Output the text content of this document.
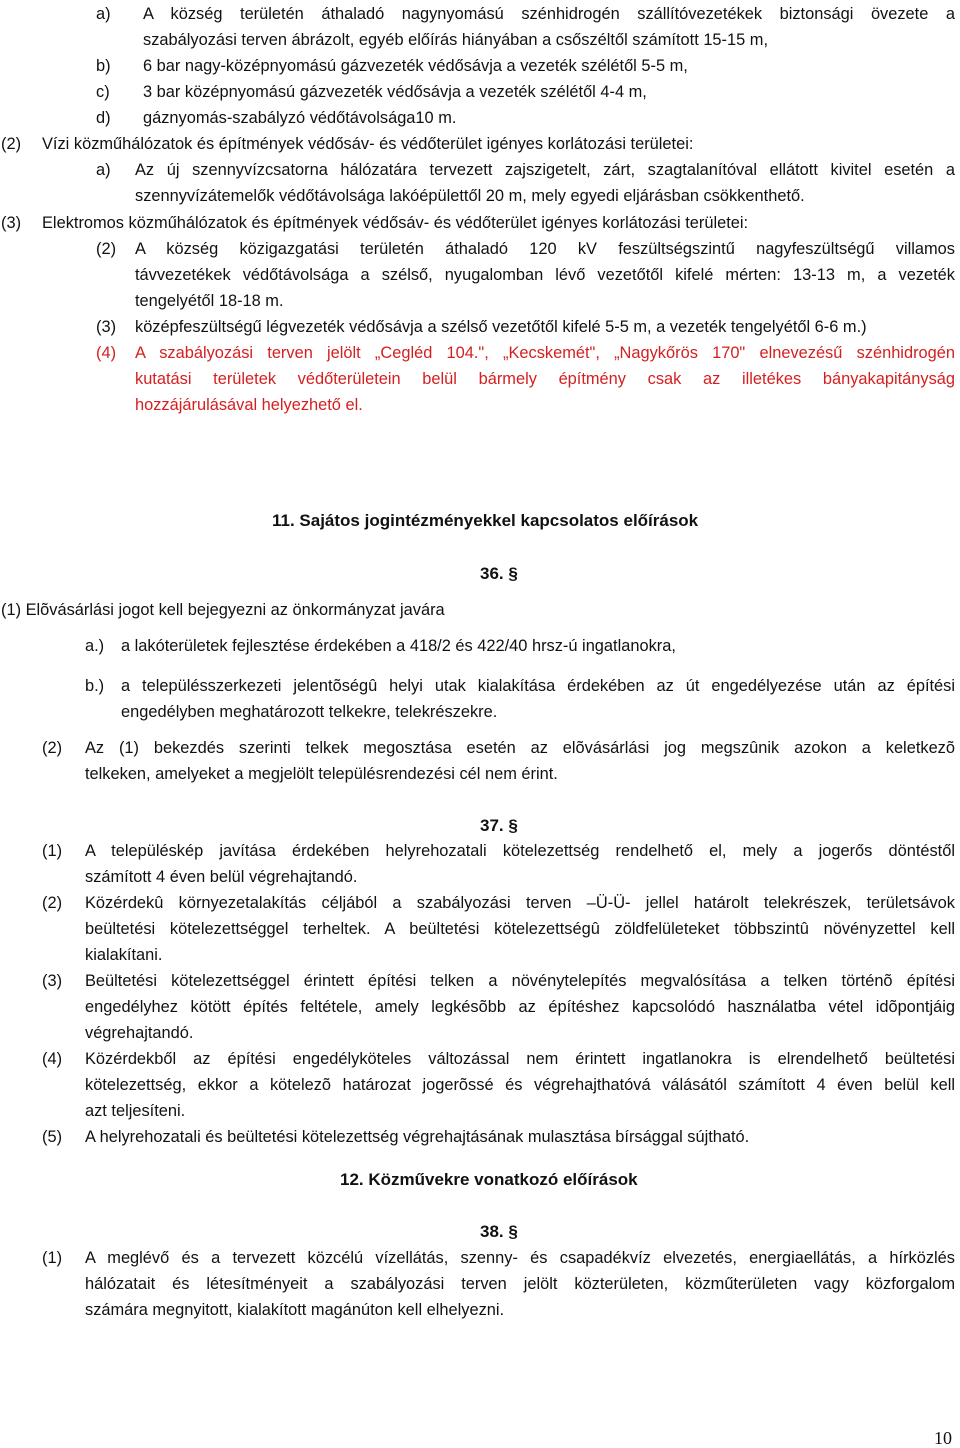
a) A község területén áthaladó nagynyomású szénhidrogén szállítóvezetékek biztonsági övezete a
szabályozási terven ábrázolt, egyéb előírás hiányában a csőszéltől számított 15-15 m,
b) 6 bar nagy-középnyomású gázvezeték védősávja a vezeték szélétől 5-5 m,
c) 3 bar középnyomású gázvezeték védősávja a vezeték szélétől 4-4 m,
d) gáznyomás-szabályzó védőtávolsága10 m.
(2) Vízi közműhálózatok és építmények védősáv- és védőterület igényes korlátozási területei:
a) Az új szennyvízcsatorna hálózatára tervezett zajszigetelt, zárt, szagtalanítóval ellátott kivitel esetén a
szennyvízátemelők védőtávolsága lakóépülettől 20 m, mely egyedi eljárásban csökkenthető.
(3) Elektromos közműhálózatok és építmények védősáv- és védőterület igényes korlátozási területei:
(2) A község közigazgatási területén áthaladó 120 kV feszültségszintű nagyfeszültségű villamos
távvezetékek védőtávolsága a szélső, nyugalomban lévő vezetőtől kifelé mérten: 13-13 m, a vezeték
tengelyétől 18-18 m.
(3) középfeszültségű légvezeték védősávja a szélső vezetőtől kifelé 5-5 m, a vezeték tengelyétől 6-6 m.)
(4) A szabályozási terven jelölt „Cegléd 104.", „Kecskemét", „Nagykőrös 170" elnevezésű szénhidrogén
kutatási területek védőterületein belül bármely építmény csak az illetékes bányakapitányság
hozzájárulásával helyezhető el.
11. Sajátos jogintézményekkel kapcsolatos előírások
36. §
(1) Elõvásárlási jogot kell bejegyezni az önkormányzat javára
a.) a lakóterületek fejlesztése érdekében a 418/2 és 422/40 hrsz-ú ingatlanokra,
b.) a településszerkezeti jelentõségû helyi utak kialakítása érdekében az út engedélyezése után az építési
engedélyben meghatározott telkekre, telekrészekre.
(2) Az (1) bekezdés szerinti telkek megosztása esetén az elõvásárlási jog megszûnik azokon a keletkezõ
telkeken, amelyeket a megjelölt településrendezési cél nem érint.
37. §
(1) A településkép javítása érdekében helyrehozatali kötelezettség rendelhető el, mely a jogerős döntéstől
számított 4 éven belül végrehajtandó.
(2) Közérdekû környezetalakítás céljából a szabályozási terven –Ü-Ü- jellel határolt telekrészek, területsávok
beültetési kötelezettséggel terheltek. A beültetési kötelezettségû zöldfelületeket többszintû növényzettel kell
kialakítani.
(3) Beültetési kötelezettséggel érintett építési telken a növénytelepítés megvalósítása a telken történõ építési
engedélyhez kötött építés feltétele, amely legkésõbb az építéshez kapcsolódó használatba vétel idõpontjáig
végrehajtandó.
(4) Közérdekből az építési engedélyköteles változással nem érintett ingatlanokra is elrendelhető beültetési
kötelezettség, ekkor a kötelezõ határozat jogerõssé és végrehajthatóvá válásától számított 4 éven belül kell
azt teljesíteni.
(5) A helyrehozatali és beültetési kötelezettség végrehajtásának mulasztása bírsággal sújtható.
12. Közművekre vonatkozó előírások
38. §
(1) A meglévő és a tervezett közcélú vízellátás, szenny- és csapadékvíz elvezetés, energiaellátás, a hírközlés
hálózatait és létesítményeit a szabályozási terven jelölt közterületen, közműterületen vagy közforgalom
számára megnyitott, kialakított magánúton kell elhelyezni.
10
